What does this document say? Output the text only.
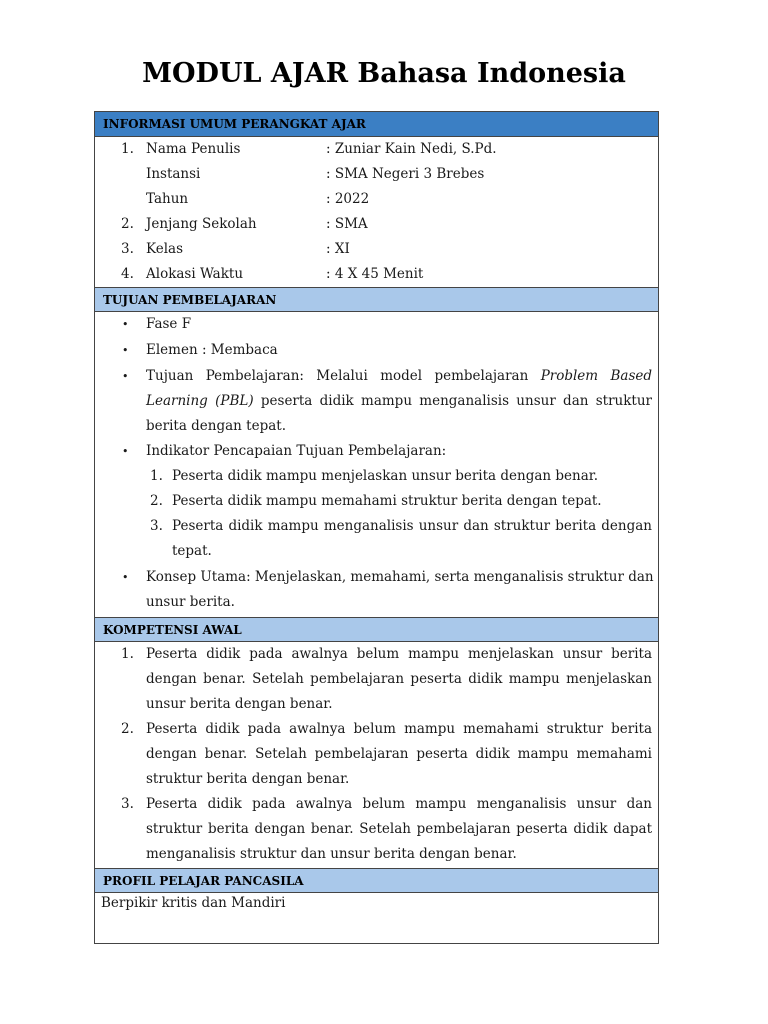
MODUL AJAR Bahasa Indonesia
INFORMASI UMUM PERANGKAT AJAR
1. Nama Penulis	: Zuniar Kain Nedi, S.Pd.
Instansi	: SMA Negeri 3 Brebes
Tahun	: 2022
2. Jenjang Sekolah	: SMA
3. Kelas	: XI
4. Alokasi Waktu	: 4 X 45 Menit
TUJUAN PEMBELAJARAN
• Fase F
• Elemen : Membaca
• Tujuan Pembelajaran: Melalui model pembelajaran Problem Based
Learning (PBL) peserta didik mampu menganalisis unsur dan struktur
berita dengan tepat.
• Indikator Pencapaian Tujuan Pembelajaran:
1. Peserta didik mampu menjelaskan unsur berita dengan benar.
2. Peserta didik mampu memahami struktur berita dengan tepat.
3. Peserta didik mampu menganalisis unsur dan struktur berita dengan
tepat.
• Konsep Utama: Menjelaskan, memahami, serta menganalisis struktur dan
unsur berita.
KOMPETENSI AWAL
1. Peserta didik pada awalnya belum mampu menjelaskan unsur berita
dengan benar. Setelah pembelajaran peserta didik mampu menjelaskan
unsur berita dengan benar.
2. Peserta didik pada awalnya belum mampu memahami struktur berita
dengan benar. Setelah pembelajaran peserta didik mampu memahami
struktur berita dengan benar.
3. Peserta didik pada awalnya belum mampu menganalisis unsur dan
struktur berita dengan benar. Setelah pembelajaran peserta didik dapat
menganalisis struktur dan unsur berita dengan benar.
PROFIL PELAJAR PANCASILA
Berpikir kritis dan Mandiri
